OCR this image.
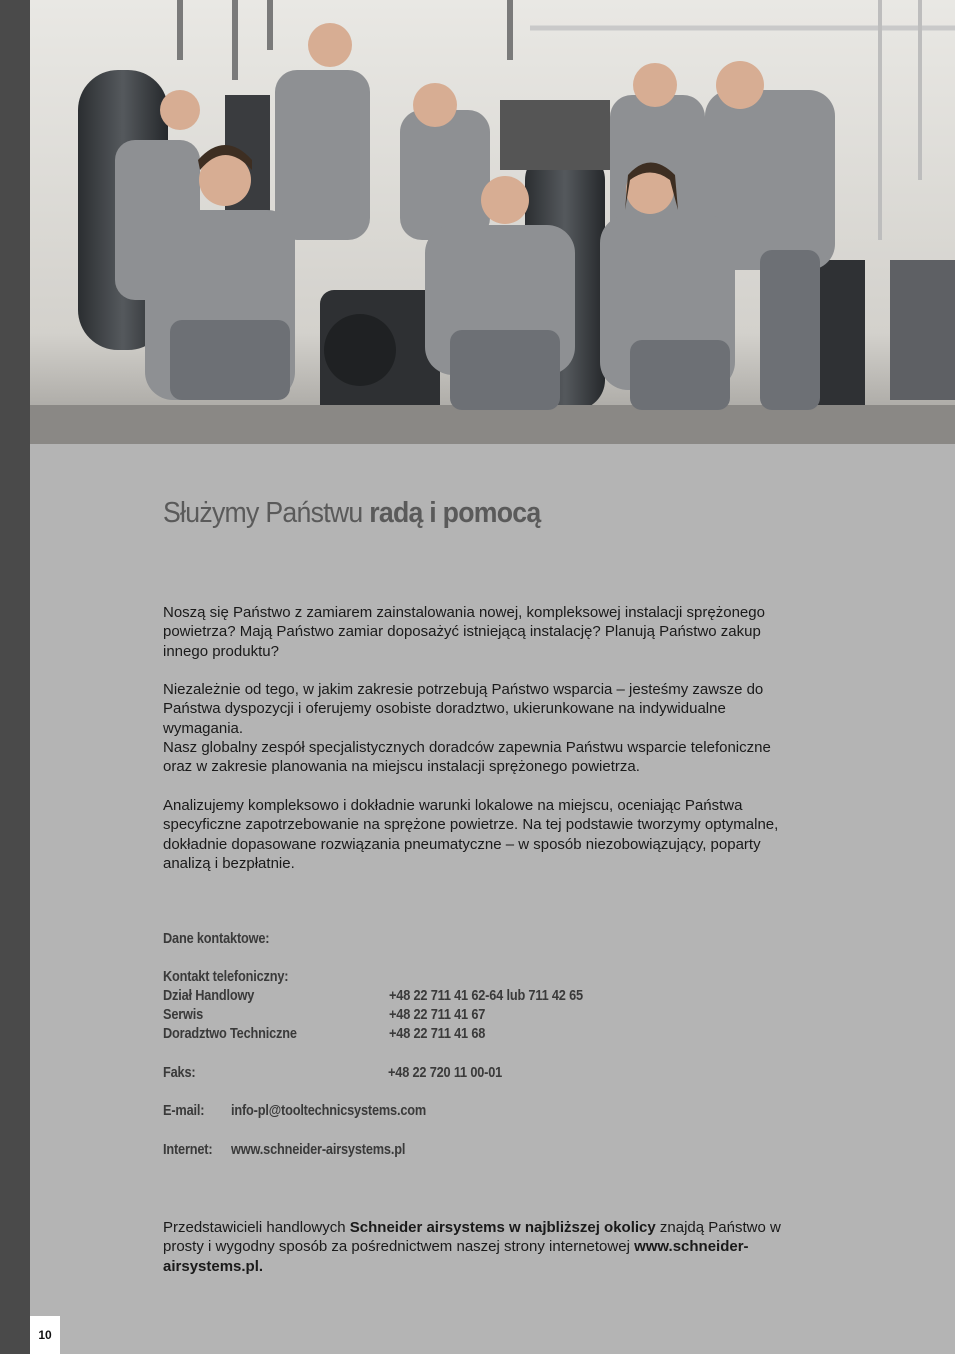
10
Służymy Państwu radą i pomocą

Noszą się Państwo z zamiarem zainstalowania nowej, kompleksowej instalacji sprężonego powietrza? Mają Państwo zamiar doposażyć istniejącą instalację? Planują Państwo zakup innego produktu?

Niezależnie od tego, w jakim zakresie potrzebują Państwo wsparcia – jesteśmy zawsze do Państwa dyspozycji i oferujemy osobiste doradztwo, ukierunkowane na indywidualne wymagania.

Nasz globalny zespół specjalistycznych doradców zapewnia Państwu wsparcie telefoniczne oraz w zakresie planowania na miejscu instalacji sprężonego powietrza.

Analizujemy kompleksowo i dokładnie warunki lokalowe na miejscu, oceniając Państwa specyficzne zapotrzebowanie na sprężone powietrze. Na tej podstawie tworzymy optymalne, dokładnie dopasowane rozwiązania pneumatyczne – w sposób niezobowiązujący, poparty analizą i bezpłatnie.

Dane kontaktowe:

Kontakt telefoniczny:

Dział Handlowy	+48 22 711 41 62-64 lub 711 42 65

Serwis	+48 22 711 41 67

Doradztwo Techniczne	+48 22 711 41 68

Faks:	+48 22 720 11 00-01

E-mail: info-pl@tooltechnicsystems.com

Internet: www.schneider-airsystems.pl

Przedstawicieli handlowych Schneider airsystems w najbliższej okolicy znajdą Państwo w prosty i wygodny sposób za pośrednictwem naszej strony internetowej www.schneider-airsystems.pl.
